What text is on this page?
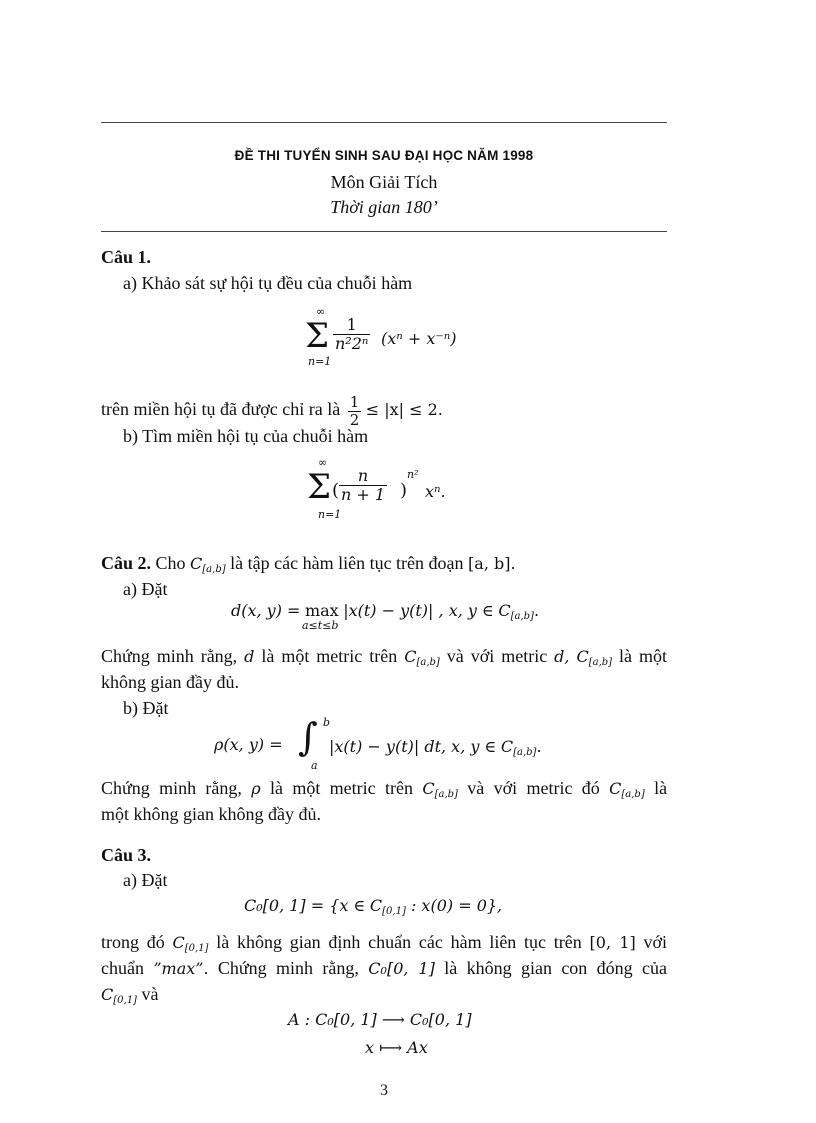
ĐỀ THI TUYỂN SINH SAU ĐẠI HỌC NĂM 1998
Môn Giải Tích
Thời gian 180’
Câu 1.
a) Khảo sát sự hội tụ đều của chuỗi hàm
∞
Σ
n=1
$\frac{1}{\text{n²2ⁿ}} (x^n + x^{-n})$
trên miền hội tụ đã được chỉ ra là $\frac{1}{2} \le |x| \le 2$.
b) Tìm miền hội tụ của chuỗi hàm
∞
Σ
n=1
( $\frac{n}{n + 1}$ )
n²
xⁿ.
Câu 2. Cho $C_{[a,b]}$ là tập các hàm liên tục trên đoạn [a, b].
a) Đặt
d(x, y) = max
a≤t≤b
|x(t) − y(t)| , x, y ∈ $C_{[a,b]}$.
Chứng minh rằng, d là một metric trên $C_{[a,b]}$ và với metric d, $C_{[a,b]}$ là một
không gian đầy đủ.
b) Đặt
ρ(x, y) = ∫ b
a
|x(t) − y(t)| dt, x, y ∈ $C_{[a,b]}$.
Chứng minh rằng, ρ là một metric trên $C_{[a,b]}$ và với metric đó $C_{[a,b]}$ là
một không gian không đầy đủ.
Câu 3.
a) Đặt
C₀[0, 1] = {x ∈ $C_{[0,1]}$ : x(0) = 0},
trong đó $C_{[0,1]}$ là không gian định chuẩn các hàm liên tục trên [0, 1] với
chuẩn ”max”. Chứng minh rằng, C₀[0, 1] là không gian con đóng của
$C_{[0,1]}$ và
A : C₀[0, 1] ⟶ C₀[0, 1]
x ⟼ Ax
3
